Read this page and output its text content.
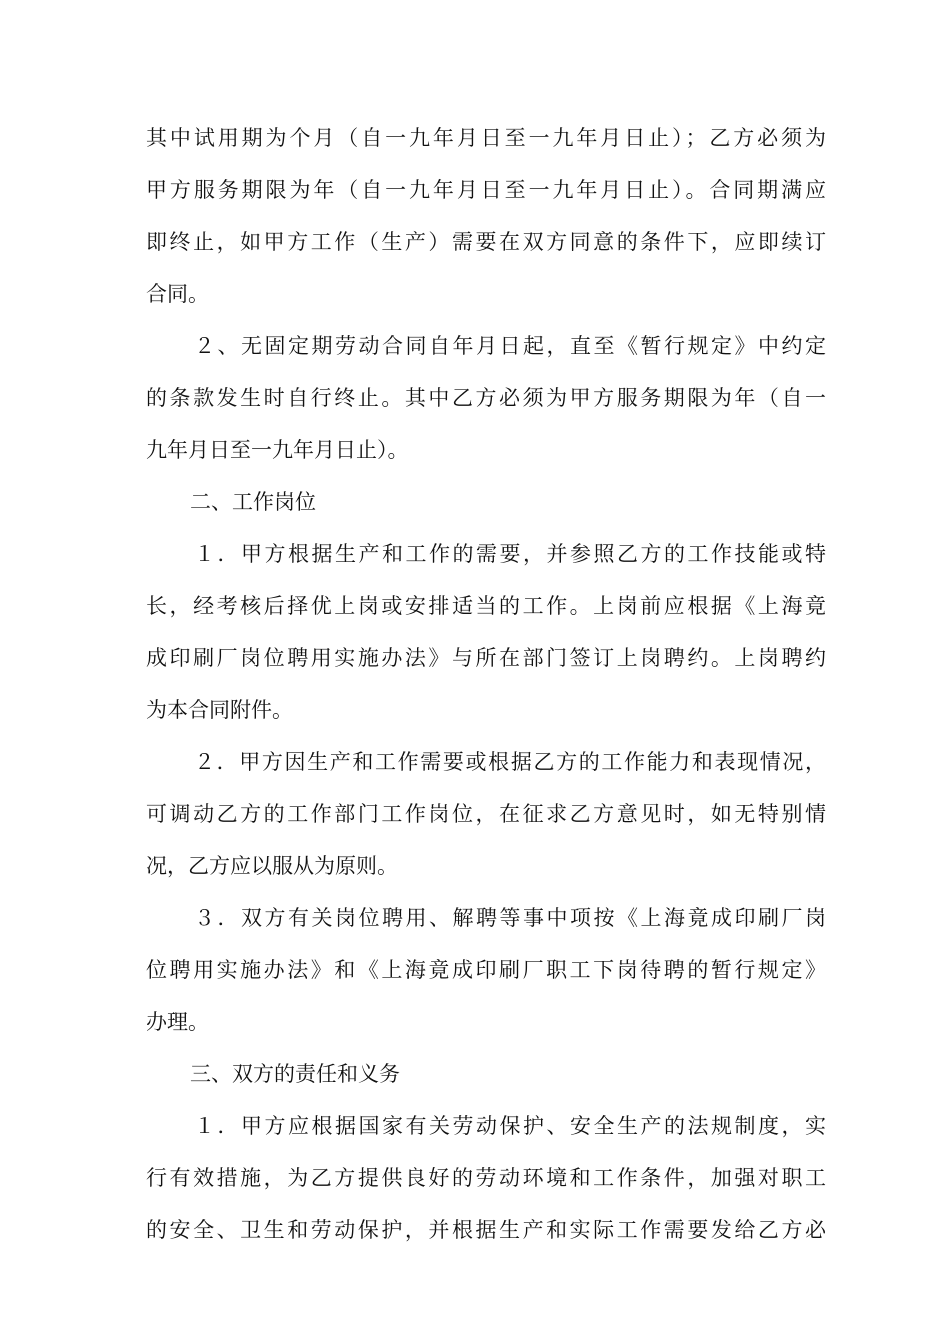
其中试用期为个月（自一九年月日至一九年月日止）；乙方必须为
甲方服务期限为年（自一九年月日至一九年月日止）。合同期满应
即终止，如甲方工作（生产）需要在双方同意的条件下，应即续订
合同。
２、无固定期劳动合同自年月日起，直至《暂行规定》中约定
的条款发生时自行终止。其中乙方必须为甲方服务期限为年（自一
九年月日至一九年月日止）。
二、工作岗位
１．甲方根据生产和工作的需要，并参照乙方的工作技能或特
长，经考核后择优上岗或安排适当的工作。上岗前应根据《上海竟
成印刷厂岗位聘用实施办法》与所在部门签订上岗聘约。上岗聘约
为本合同附件。
２．甲方因生产和工作需要或根据乙方的工作能力和表现情况，
可调动乙方的工作部门工作岗位，在征求乙方意见时，如无特别情
况，乙方应以服从为原则。
３．双方有关岗位聘用、解聘等事中项按《上海竟成印刷厂岗
位聘用实施办法》和《上海竟成印刷厂职工下岗待聘的暂行规定》
办理。
三、双方的责任和义务
１．甲方应根据国家有关劳动保护、安全生产的法规制度，实
行有效措施，为乙方提供良好的劳动环境和工作条件，加强对职工
的安全、卫生和劳动保护，并根据生产和实际工作需要发给乙方必
